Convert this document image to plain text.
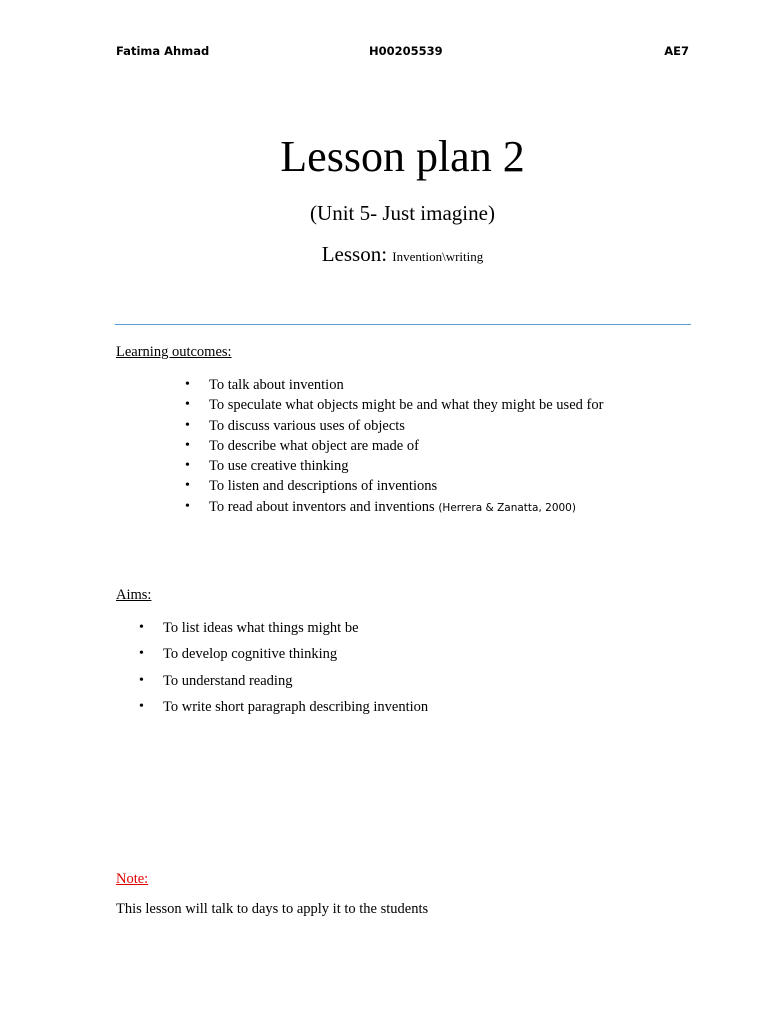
Fatima Ahmad	H00205539	AE7
Lesson plan 2
(Unit 5- Just imagine)
Lesson: Invention\writing
Learning outcomes:
• To talk about invention
• To speculate what objects might be and what they might be used for
• To discuss various uses of objects
• To describe what object are made of
• To use creative thinking
• To listen and descriptions of inventions
• To read about inventors and inventions (Herrera & Zanatta, 2000)
Aims:
• To list ideas what things might be
• To develop cognitive thinking
• To understand reading
• To write short paragraph describing invention
Note:
This lesson will talk to days to apply it to the students
